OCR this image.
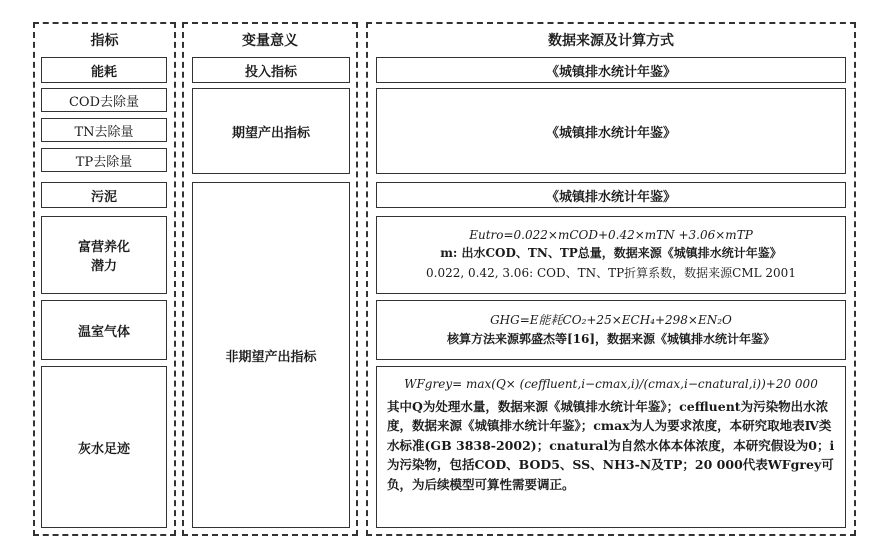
指标	变量意义	数据来源及计算方式
能耗
COD去除量
TN去除量
TP去除量
污泥
富营养化
潜力
温室气体
灰水足迹
投入指标
期望产出指标
非期望产出指标
《城镇排水统计年鉴》
《城镇排水统计年鉴》
《城镇排水统计年鉴》
Eutro=0.022×mCOD+0.42×mTN +3.06×mTP
m: 出水COD、TN、TP总量，数据来源《城镇排水统计年鉴》
0.022, 0.42, 3.06: COD、TN、TP折算系数，数据来源CML 2001
GHG=E能耗CO₂+25×ECH₄+298×EN₂O
核算方法来源郭盛杰等[16]，数据来源《城镇排水统计年鉴》
WFgrey= max(Q× (ceffluent,i−cmax,i)/(cmax,i−cnatural,i))+20 000
其中Q为处理水量，数据来源《城镇排水统计年鉴》；ceffluent为污染物出水浓度，数据来源《城镇排水统计年鉴》；cmax为人为要求浓度，本研究取地表Ⅳ类水标准(GB 3838-2002)；cnatural为自然水体本体浓度，本研究假设为0；i为污染物，包括COD、BOD5、SS、NH3-N及TP；20 000代表WFgrey可负，为后续模型可算性需要调正。
